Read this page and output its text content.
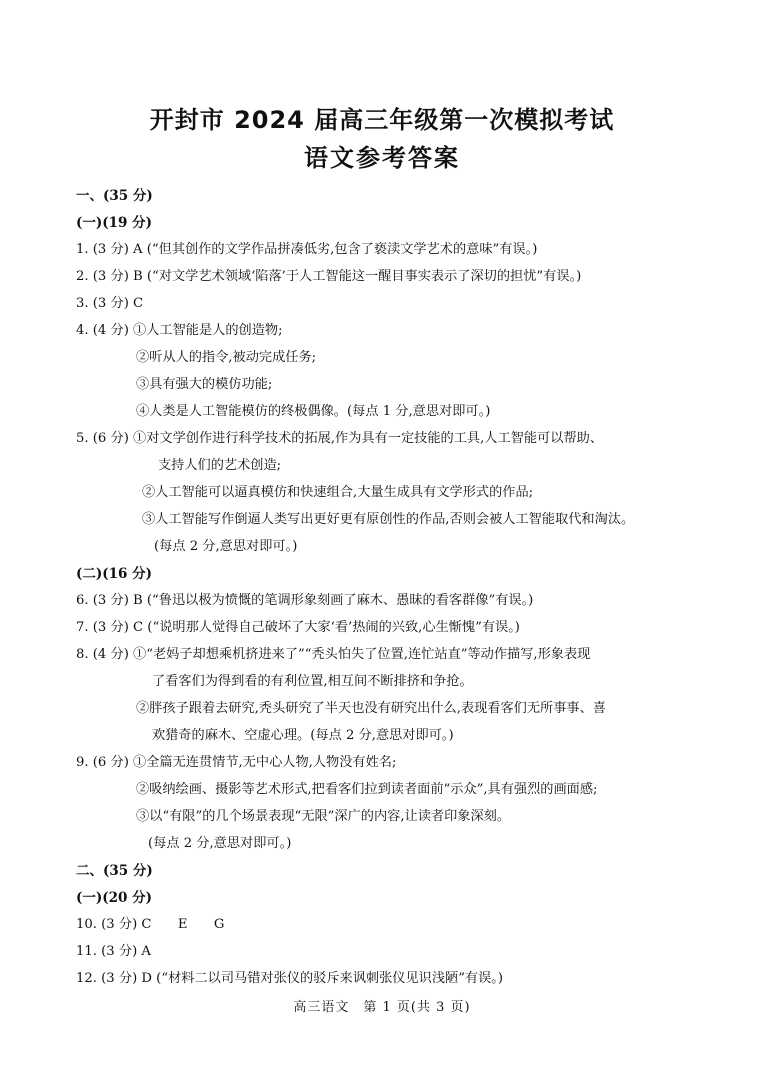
开封市 2024 届高三年级第一次模拟考试
语文参考答案
一、(35 分)
(一)(19 分)
1. (3 分) A (“但其创作的文学作品拼凑低劣,包含了亵渎文学艺术的意味”有误。)
2. (3 分) B (“对文学艺术领域‘陷落’于人工智能这一醒目事实表示了深切的担忧”有误。)
3. (3 分) C
4. (4 分) ①人工智能是人的创造物;
②听从人的指令,被动完成任务;
③具有强大的模仿功能;
④人类是人工智能模仿的终极偶像。(每点 1 分,意思对即可。)
5. (6 分) ①对文学创作进行科学技术的拓展,作为具有一定技能的工具,人工智能可以帮助、
支持人们的艺术创造;
②人工智能可以逼真模仿和快速组合,大量生成具有文学形式的作品;
③人工智能写作倒逼人类写出更好更有原创性的作品,否则会被人工智能取代和淘汰。
(每点 2 分,意思对即可。)
(二)(16 分)
6. (3 分) B (“鲁迅以极为愤慨的笔调形象刻画了麻木、愚昧的看客群像”有误。)
7. (3 分) C (“说明那人觉得自己破坏了大家‘看’热闹的兴致,心生惭愧”有误。)
8. (4 分) ①“老妈子却想乘机挤进来了”“秃头怕失了位置,连忙站直”等动作描写,形象表现
了看客们为得到看的有利位置,相互间不断排挤和争抢。
②胖孩子跟着去研究,秃头研究了半天也没有研究出什么,表现看客们无所事事、喜
欢猎奇的麻木、空虚心理。(每点 2 分,意思对即可。)
9. (6 分) ①全篇无连贯情节,无中心人物,人物没有姓名;
②吸纳绘画、摄影等艺术形式,把看客们拉到读者面前“示众”,具有强烈的画面感;
③以“有限”的几个场景表现“无限”深广的内容,让读者印象深刻。
(每点 2 分,意思对即可。)
二、(35 分)
(一)(20 分)
10. (3 分) C　　E　　G
11. (3 分) A
12. (3 分) D (“材料二以司马错对张仪的驳斥来讽刺张仪见识浅陋”有误。)
高三语文　第 1 页(共 3 页)
